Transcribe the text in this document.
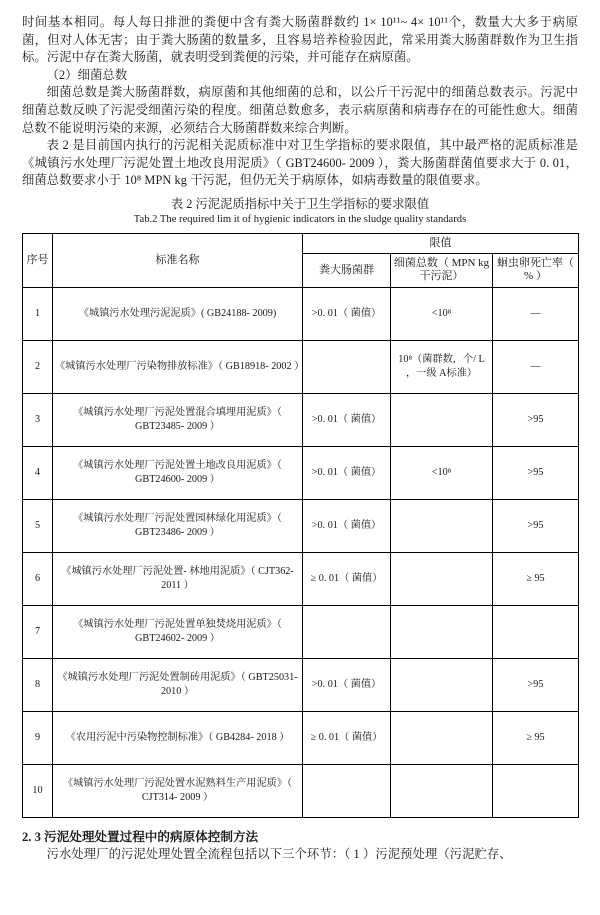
时间基本相同。每人每日排泄的粪便中含有粪大肠菌群数约 1× 10¹¹~ 4× 10¹¹个，数量大大多于病原菌，但对人体无害；由于粪大肠菌的数量多，且容易培养检验因此，常采用粪大肠菌群数作为卫生指标。污泥中存在粪大肠菌，就表明受到粪便的污染，并可能存在病原菌。

（2）细菌总数

细菌总数是粪大肠菌群数，病原菌和其他细菌的总和，以公斤干污泥中的细菌总数表示。污泥中细菌总数反映了污泥受细菌污染的程度。细菌总数愈多，表示病原菌和病毒存在的可能性愈大。细菌总数不能说明污染的来源，必须结合大肠菌群数来综合判断。

表 2 是目前国内执行的污泥相关泥质标准中对卫生学指标的要求限值，其中最严格的泥质标准是《城镇污水处理厂污泥处置土地改良用泥质》（ GBT24600- 2009 ），粪大肠菌群菌值要求大于 0. 01，细菌总数要求小于 10⁸ MPN kg 干污泥，但仍无关于病原体，如病毒数量的限值要求。

表 2 污泥泥质指标中关于卫生学指标的要求限值
Tab.2 The required lim it of hygienic indicators in the sludge quality standards
序号	标准名称	限值		
		粪大肠菌群	细菌总数（ MPN kg 干污泥）	蛔虫卵死亡率（ % ）
1	《城镇污水处理污泥泥质》( GB24188- 2009)	>0. 01（ 菌值）	<10⁸	—
2	《城镇污水处理厂污染物排放标准》（ GB18918- 2002 ）		10⁸（菌群数，个/ L ，一级 A标准）	—
3	《城镇污水处理厂污泥处置混合填埋用泥质》（ GBT23485- 2009 ）	>0. 01（ 菌值）		>95
4	《城镇污水处理厂污泥处置土地改良用泥质》（ GBT24600- 2009 ）	>0. 01（ 菌值）	<10⁸	>95
5	《城镇污水处理厂污泥处置园林绿化用泥质》（ GBT23486- 2009 ）	>0. 01（ 菌值）		>95
6	《城镇污水处理厂污泥处置- 林地用泥质》（ CJT362- 2011 ）	≥ 0. 01（ 菌值）		≥ 95
7	《城镇污水处理厂污泥处置单独焚烧用泥质》（ GBT24602- 2009 ）			
8	《城镇污水处理厂污泥处置制砖用泥质》（ GBT25031- 2010 ）	>0. 01（ 菌值）		>95
9	《农用污泥中污染物控制标准》（ GB4284- 2018 ）	≥ 0. 01（ 菌值）		≥ 95
10	《城镇污水处理厂污泥处置水泥熟料生产用泥质》（ CJT314- 2009 ）			
2. 3 污泥处理处置过程中的病原体控制方法

污水处理厂的污泥处理处置全流程包括以下三个环节：（ 1 ）污泥预处理（污泥贮存、
